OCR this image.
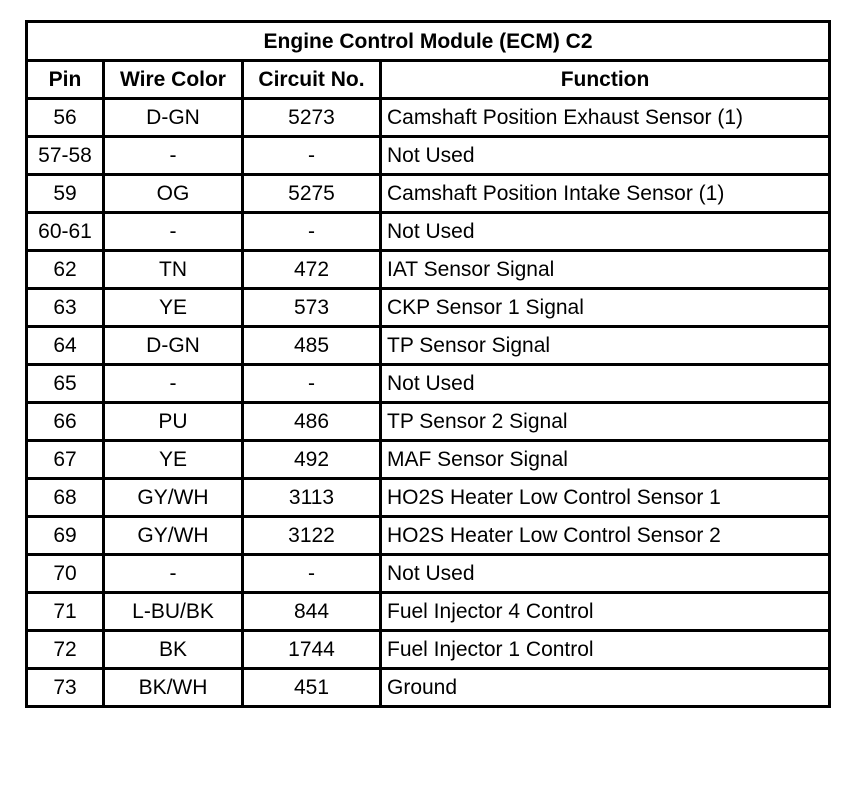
Engine Control Module (ECM) C2			
Pin	Wire Color	Circuit No.	Function
56	D-GN	5273	Camshaft Position Exhaust Sensor (1)
57-58	-	-	Not Used
59	OG	5275	Camshaft Position Intake Sensor (1)
60-61	-	-	Not Used
62	TN	472	IAT Sensor Signal
63	YE	573	CKP Sensor 1 Signal
64	D-GN	485	TP Sensor Signal
65	-	-	Not Used
66	PU	486	TP Sensor 2 Signal
67	YE	492	MAF Sensor Signal
68	GY/WH	3113	HO2S Heater Low Control Sensor 1
69	GY/WH	3122	HO2S Heater Low Control Sensor 2
70	-	-	Not Used
71	L-BU/BK	844	Fuel Injector 4 Control
72	BK	1744	Fuel Injector 1 Control
73	BK/WH	451	Ground
